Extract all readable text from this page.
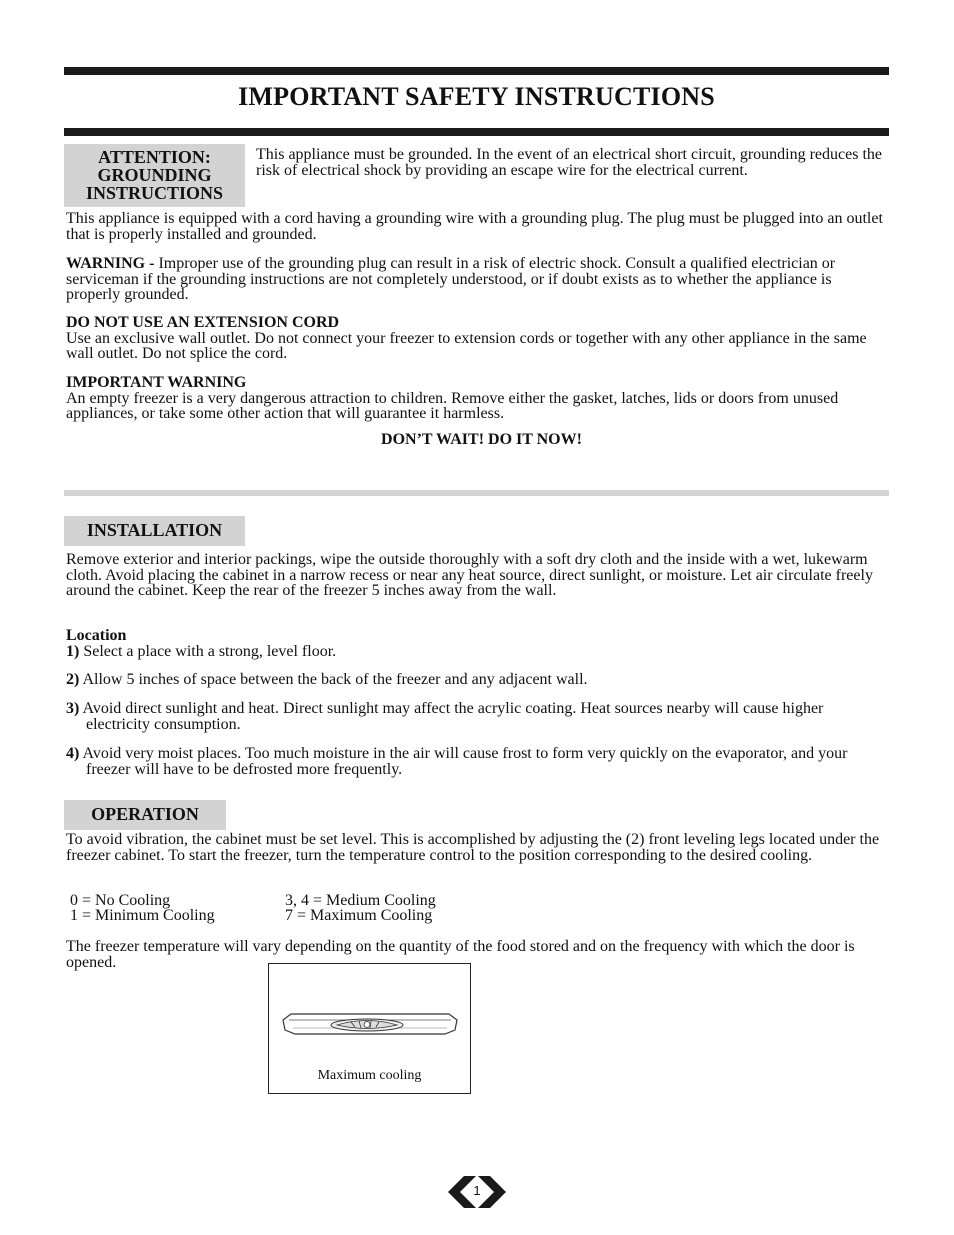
IMPORTANT SAFETY INSTRUCTIONS
ATTENTION:
GROUNDING
INSTRUCTIONS

This appliance must be grounded. In the event of an electrical short circuit, grounding reduces the risk of electrical shock by providing an escape wire for the electrical current.

This appliance is equipped with a cord having a grounding wire with a grounding plug. The plug must be plugged into an outlet that is properly installed and grounded.

WARNING - Improper use of the grounding plug can result in a risk of electric shock. Consult a qualified electrician or serviceman if the grounding instructions are not completely understood, or if doubt exists as to whether the appliance is properly grounded.

DO NOT USE AN EXTENSION CORD
Use an exclusive wall outlet. Do not connect your freezer to extension cords or together with any other appliance in the same wall outlet. Do not splice the cord.

IMPORTANT WARNING
An empty freezer is a very dangerous attraction to children. Remove either the gasket, latches, lids or doors from unused appliances, or take some other action that will guarantee it harmless.

DON’T WAIT! DO IT NOW!

INSTALLATION

Remove exterior and interior packings, wipe the outside thoroughly with a soft dry cloth and the inside with a wet, lukewarm cloth. Avoid placing the cabinet in a narrow recess or near any heat source, direct sunlight, or moisture. Let air circulate freely around the cabinet. Keep the rear of the freezer 5 inches away from the wall.

Location
1) Select a place with a strong, level floor.

2) Allow 5 inches of space between the back of the freezer and any adjacent wall.

3) Avoid direct sunlight and heat. Direct sunlight may affect the acrylic coating. Heat sources nearby will cause higher electricity consumption.

4) Avoid very moist places. Too much moisture in the air will cause frost to form very quickly on the evaporator, and your freezer will have to be defrosted more frequently.

OPERATION

To avoid vibration, the cabinet must be set level. This is accomplished by adjusting the (2) front leveling legs located under the freezer cabinet. To start the freezer, turn the temperature control to the position corresponding to the desired cooling.

0 = No Cooling
1 = Minimum Cooling
3, 4 = Medium Cooling
7 = Maximum Cooling

The freezer temperature will vary depending on the quantity of the food stored and on the frequency with which the door is opened.

Maximum cooling
1
